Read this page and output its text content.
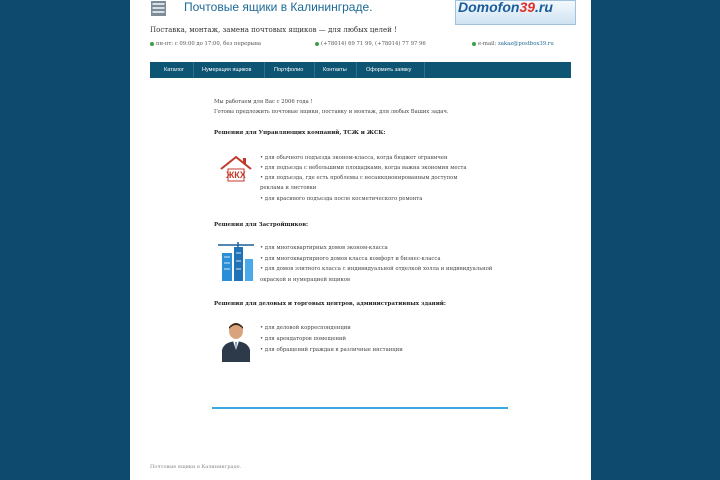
Почтовые ящики в Калининграде.	Domofon39.ru
Поставка, монтаж, замена почтовых ящиков — для любых целей !
пн-пт: с 09:00 до 17:00, без перерыва	(+78014) 69 71 99, (+78014) 77 97 96	e-mail: zakaz@postbox39.ru
Каталог	Нумерация ящиков	Портфолио	Контакты	Оформить заявку
Мы работаем для Вас с 2006 года !
Готовы предложить почтовые ящики, поставку и монтаж, для любых Ваших задач.
Решения для Управляющих компаний, ТСЖ и ЖСК:
ЖКХ
• для обычного подъезда эконом-класса, когда бюджет ограничен
• для подъезда с небольшими площадками, когда важна экономия места
• для подъезда, где есть проблемы с несанкционированным доступом
реклама и листовки
• для красивого подъезда после косметического ремонта
Решения для Застройщиков:
• для многоквартирных домов эконом-класса
• для многоквартирного домов класса комфорт и бизнес-класса
• для домов элитного класса с индивидуальной отделкой холла и индивидуальной
окраской и нумерацией ящиков
Решения для деловых и торговых центров, административных зданий:
• для деловой корреспонденции
• для арендаторов помещений
• для обращений граждан в различные инстанции
Почтовые ящики в Калининграде.
